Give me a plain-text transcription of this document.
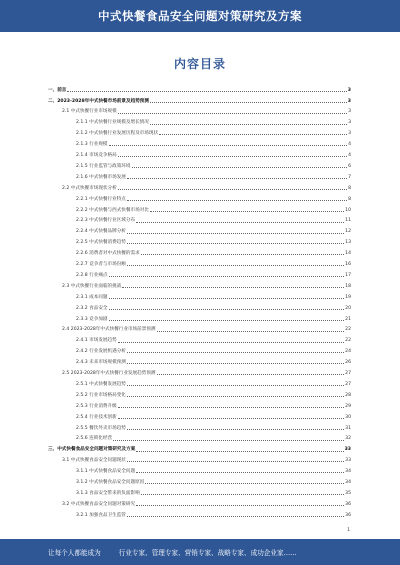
中式快餐食品安全问题对策研究及方案
内容目录
一、前言	3
二、2023-2028年中式快餐市场前景及趋势预测	3
2.1 中式快餐行业市场规模	3
2.1.1 中式快餐行业规模及增长情况	3
2.1.2 中式快餐行业发展历程及市场现状	3
2.1.3 行业规模	4
2.1.4 市场竞争格局	4
2.1.5 行业监管与政策环境	6
2.1.6 中式快餐市场发展	7
2.2 中式快餐市场现状分析	8
2.2.1 中式快餐行业特点	8
2.2.2 中式快餐与西式快餐市场对比	10
2.2.3 中式快餐行业区域分布	11
2.2.4 中式快餐品牌分析	12
2.2.5 中式快餐消费趋势	13
2.2.6 消费者对中式快餐的需求	14
2.2.7 竞争者与市场份额	16
2.2.8 行业痛点	17
2.3 中式快餐行业面临的挑战	18
2.3.1 成本问题	19
2.3.2 食品安全	20
2.3.3 竞争加剧	21
2.4 2023-2028年中式快餐行业市场前景预测	22
2.4.1 市场发展趋势	22
2.4.2 行业发展机遇分析	24
2.4.3 未来市场规模预测	26
2.5 2023-2028年中式快餐行业发展趋势预测	27
2.5.1 中式快餐发展趋势	27
2.5.2 行业市场格局变化	28
2.5.3 行业消费升级	29
2.5.4 行业技术创新	30
2.5.5 餐饮外卖市场趋势	31
2.5.6 连锁化经营	32
三、中式快餐食品安全问题对策研究及方案	33
3.1 中式快餐食品安全问题现状	33
3.1.1 中式快餐食品安全问题	34
3.1.2 中式快餐食品安全问题原因	34
3.1.3 食品安全带来的负面影响	35
3.2 中式快餐食品安全问题对策研究	36
3.2.1 加强食品卫生监管	36
让每个人都能成为	行业专家、管理专家、营销专家、战略专家、成功企业家……
1
